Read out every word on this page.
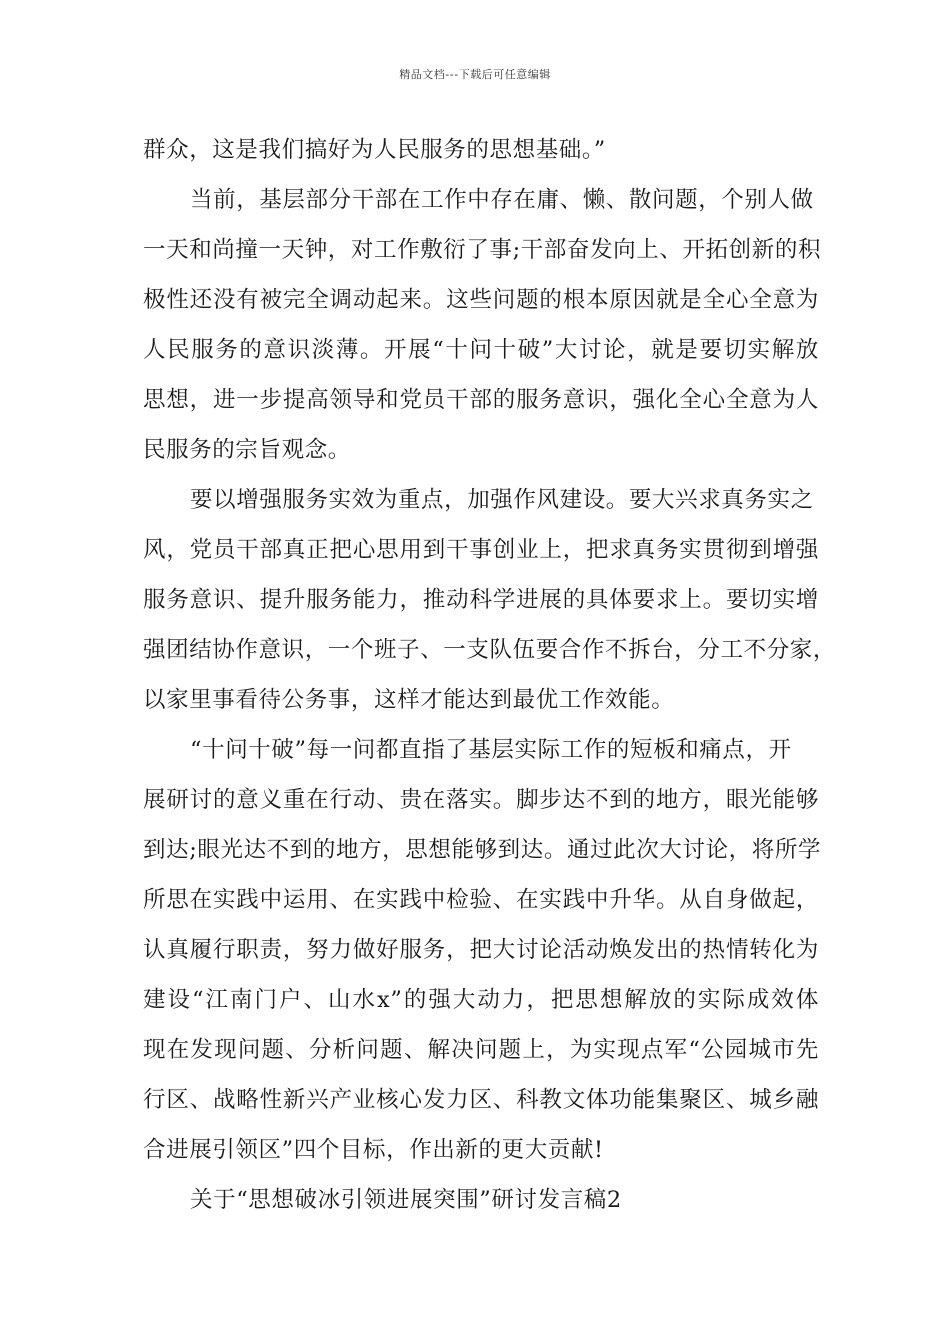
精品文档---下载后可任意编辑
群众，这是我们搞好为人民服务的思想基础。”
当前，基层部分干部在工作中存在庸、懒、散问题，个别人做
一天和尚撞一天钟，对工作敷衍了事;干部奋发向上、开拓创新的积
极性还没有被完全调动起来。这些问题的根本原因就是全心全意为
人民服务的意识淡薄。开展“十问十破”大讨论，就是要切实解放
思想，进一步提高领导和党员干部的服务意识，强化全心全意为人
民服务的宗旨观念。
要以增强服务实效为重点，加强作风建设。要大兴求真务实之
风，党员干部真正把心思用到干事创业上，把求真务实贯彻到增强
服务意识、提升服务能力，推动科学进展的具体要求上。要切实增
强团结协作意识，一个班子、一支队伍要合作不拆台，分工不分家，
以家里事看待公务事，这样才能达到最优工作效能。
“十问十破”每一问都直指了基层实际工作的短板和痛点，开
展研讨的意义重在行动、贵在落实。脚步达不到的地方，眼光能够
到达;眼光达不到的地方，思想能够到达。通过此次大讨论，将所学
所思在实践中运用、在实践中检验、在实践中升华。从自身做起，
认真履行职责，努力做好服务，把大讨论活动焕发出的热情转化为
建设“江南门户、山水x”的强大动力，把思想解放的实际成效体
现在发现问题、分析问题、解决问题上，为实现点军“公园城市先
行区、战略性新兴产业核心发力区、科教文体功能集聚区、城乡融
合进展引领区”四个目标，作出新的更大贡献!
关于“思想破冰引领进展突围”研讨发言稿2
